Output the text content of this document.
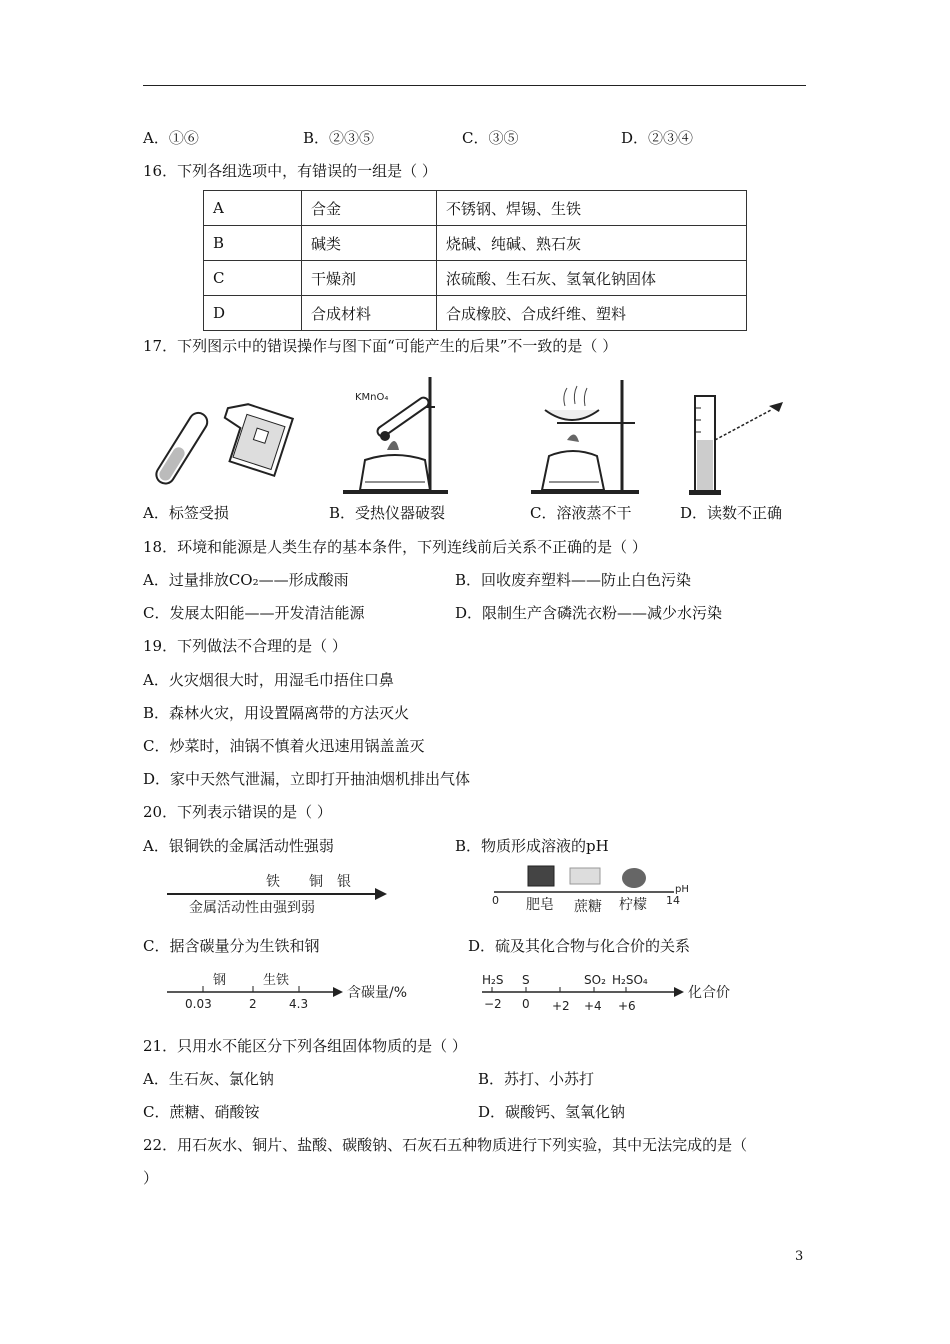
A．①⑥	B．②③⑤	C．③⑤	D．②③④
16．下列各组选项中，有错误的一组是（ ）
A	合金	不锈钢、焊锡、生铁
B	碱类	烧碱、纯碱、熟石灰
C	干燥剂	浓硫酸、生石灰、氢氧化钠固体
D	合成材料	合成橡胶、合成纤维、塑料
17．下列图示中的错误操作与图下面“可能产生的后果”不一致的是（ ）
KMnO₄
A．标签受损	B．受热仪器破裂	C．溶液蒸不干	D．读数不正确
18．环境和能源是人类生存的基本条件，下列连线前后关系不正确的是（ ）
A．过量排放CO₂——形成酸雨	B．回收废弃塑料——防止白色污染
C．发展太阳能——开发清洁能源	D．限制生产含磷洗衣粉——减少水污染
19．下列做法不合理的是（ ）
A．火灾烟很大时，用湿毛巾捂住口鼻
B．森林火灾，用设置隔离带的方法灭火
C．炒菜时，油锅不慎着火迅速用锅盖盖灭
D．家中天然气泄漏，立即打开抽油烟机排出气体
20．下列表示错误的是（ ）
A．银铜铁的金属活动性强弱	B．物质形成溶液的pH
铁 铜 银
金属活动性由强到弱	0	14
pH
肥皂 蔗糖 柠檬
C．据含碳量分为生铁和钢	D．硫及其化合物与化合价的关系
钢	生铁
0.03	2	4.3
含碳量/%
H₂S S	SO₂ H₂SO₄
−2 0 +2 +4 +6
化合价
21．只用水不能区分下列各组固体物质的是（ ）
A．生石灰、氯化钠	B．苏打、小苏打
C．蔗糖、硝酸铵	D．碳酸钙、氢氧化钠
22．用石灰水、铜片、盐酸、碳酸钠、石灰石五种物质进行下列实验，其中无法完成的是（
）
3
